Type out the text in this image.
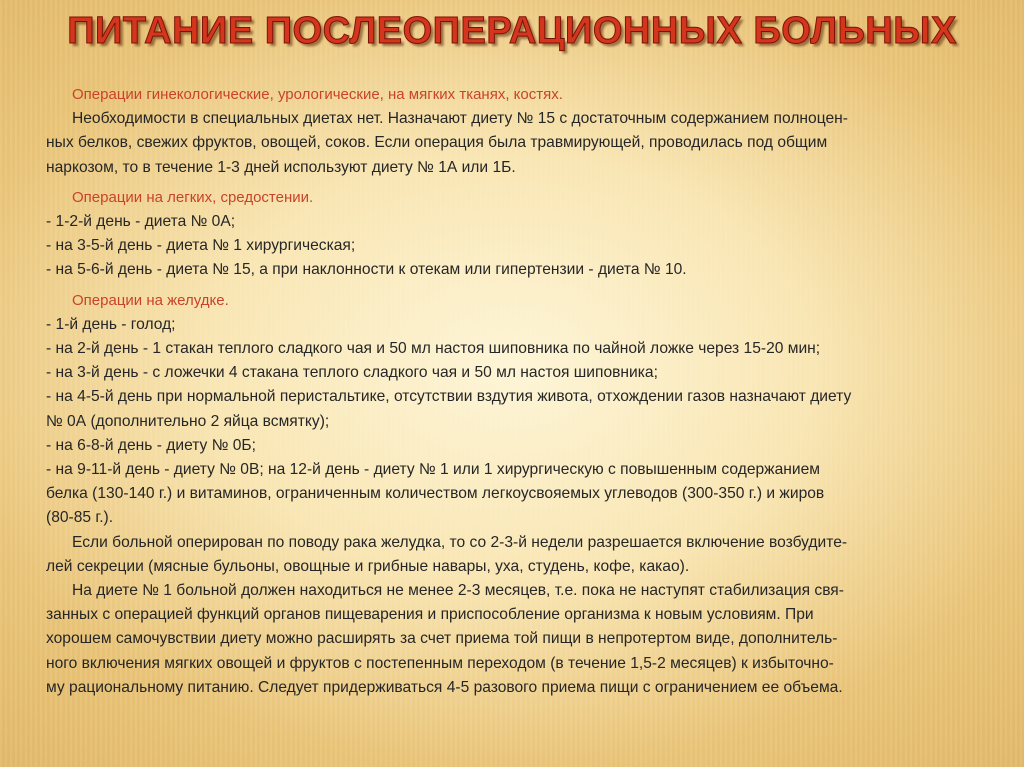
ПИТАНИЕ ПОСЛЕОПЕРАЦИОННЫХ БОЛЬНЫХ

Операции гинекологические, урологические, на мягких тканях, костях.

Необходимости в специальных диетах нет. Назначают диету № 15 с достаточным содержанием полноцен-

ных белков, свежих фруктов, овощей, соков. Если операция была травмирующей, проводилась под общим

наркозом, то в течение 1-3 дней используют диету № 1А или 1Б.

Операции на легких, средостении.

- 1-2-й день - диета № 0А;

- на 3-5-й день - диета № 1 хирургическая;

- на 5-6-й день - диета № 15, а при наклонности к отекам или гипертензии - диета № 10.

Операции на желудке.

- 1-й день - голод;

- на 2-й день - 1 стакан теплого сладкого чая и 50 мл настоя шиповника по чайной ложке через 15-20 мин;

- на 3-й день - с ложечки 4 стакана теплого сладкого чая и 50 мл настоя шиповника;

- на 4-5-й день при нормальной перистальтике, отсутствии вздутия живота, отхождении газов назначают диету

№ 0А (дополнительно 2 яйца всмятку);

- на 6-8-й день - диету № 0Б;

- на 9-11-й день - диету № 0В; на 12-й день - диету № 1 или 1 хирургическую с повышенным содержанием

белка (130-140 г.) и витаминов, ограниченным количеством легкоусвояемых углеводов (300-350 г.) и жиров

(80-85 г.).

Если больной оперирован по поводу рака желудка, то со 2-3-й недели разрешается включение возбудите-

лей секреции (мясные бульоны, овощные и грибные навары, уха, студень, кофе, какао).

На диете № 1 больной должен находиться не менее 2-3 месяцев, т.е. пока не наступят стабилизация свя-

занных с операцией функций органов пищеварения и приспособление организма к новым условиям. При

хорошем самочувствии диету можно расширять за счет приема той пищи в непротертом виде, дополнитель-

ного включения мягких овощей и фруктов с постепенным переходом (в течение 1,5-2 месяцев) к избыточно-

му рациональному питанию. Следует придерживаться 4-5 разового приема пищи с ограничением ее объема.
